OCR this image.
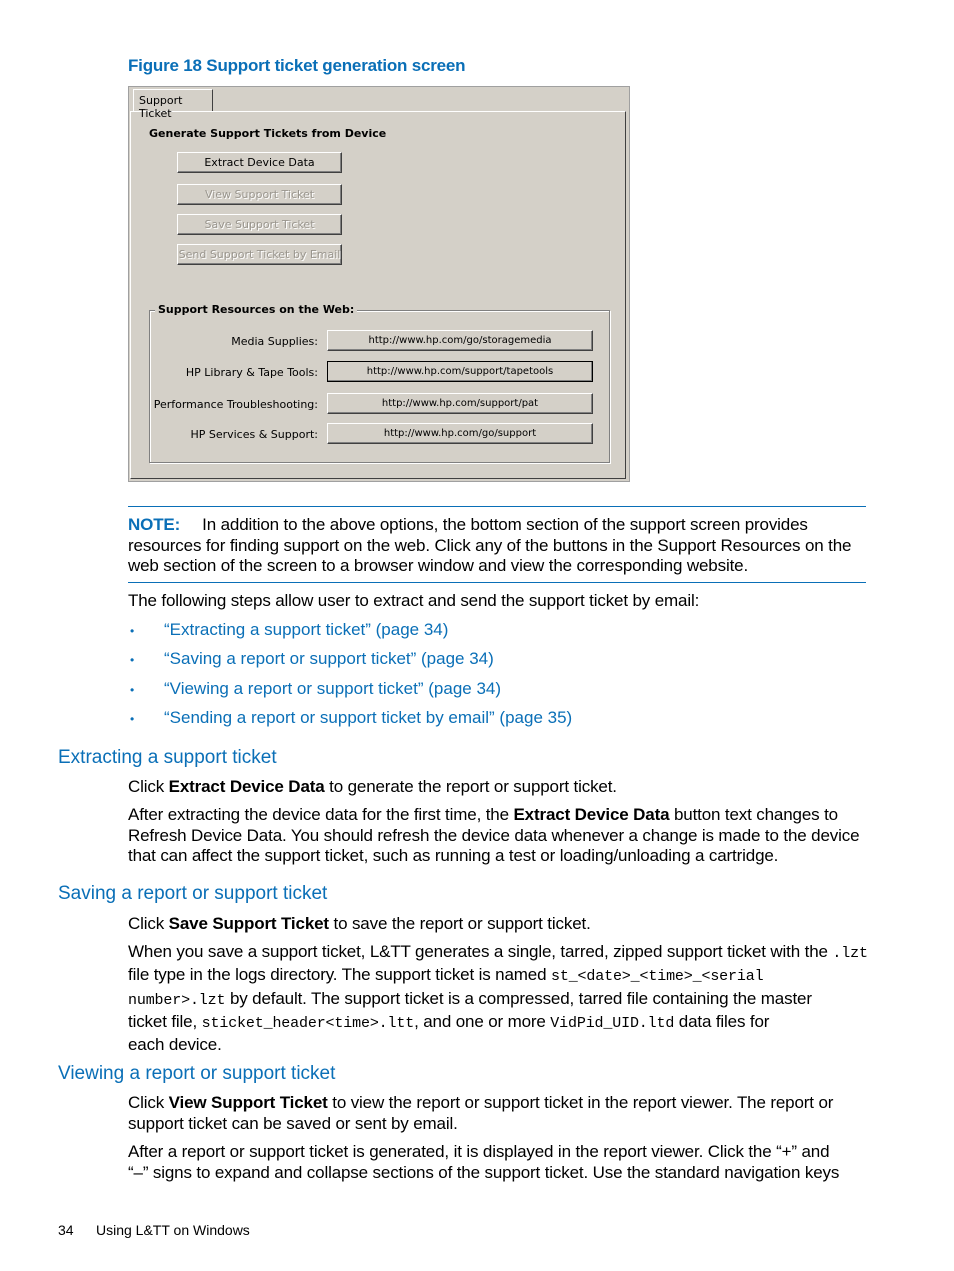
Figure 18 Support ticket generation screen
Support Ticket
Generate Support Tickets from Device
Extract Device Data
View Support Ticket
Save Support Ticket
Send Support Ticket by Email
Support Resources on the Web:
Media Supplies:	http://www.hp.com/go/storagemedia
HP Library & Tape Tools:	http://www.hp.com/support/tapetools
Performance Troubleshooting:	http://www.hp.com/support/pat
HP Services & Support:	http://www.hp.com/go/support
NOTE: In addition to the above options, the bottom section of the support screen provides
resources for finding support on the web. Click any of the buttons in the Support Resources on the
web section of the screen to a browser window and view the corresponding website.
The following steps allow user to extract and send the support ticket by email:
• “Extracting a support ticket” (page 34)
• “Saving a report or support ticket” (page 34)
• “Viewing a report or support ticket” (page 34)
• “Sending a report or support ticket by email” (page 35)
Extracting a support ticket
Click Extract Device Data to generate the report or support ticket.
After extracting the device data for the first time, the Extract Device Data button text changes to
Refresh Device Data. You should refresh the device data whenever a change is made to the device
that can affect the support ticket, such as running a test or loading/unloading a cartridge.
Saving a report or support ticket
Click Save Support Ticket to save the report or support ticket.
When you save a support ticket, L&TT generates a single, tarred, zipped support ticket with the .lzt
file type in the logs directory. The support ticket is named st_<date>_<time>_<serial
number>.lzt by default. The support ticket is a compressed, tarred file containing the master
ticket file, sticket_header<time>.ltt, and one or more VidPid_UID.ltd data files for
each device.
Viewing a report or support ticket
Click View Support Ticket to view the report or support ticket in the report viewer. The report or
support ticket can be saved or sent by email.
After a report or support ticket is generated, it is displayed in the report viewer. Click the “+” and
“–” signs to expand and collapse sections of the support ticket. Use the standard navigation keys
34 Using L&TT on Windows
